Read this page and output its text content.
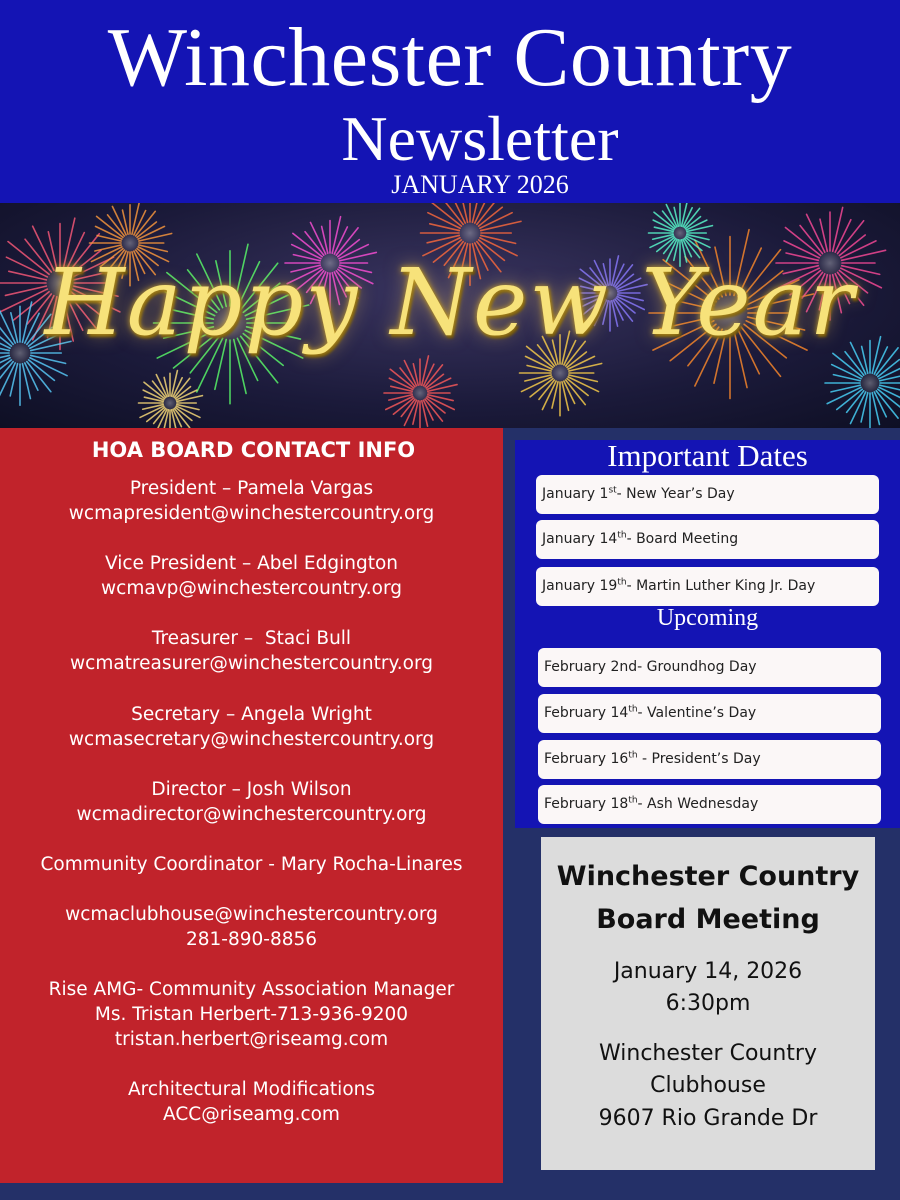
Winchester Country
Newsletter
JANUARY 2026
Happy New Year
HOA BOARD CONTACT INFO
President – Pamela Vargas
wcmapresident@winchestercountry.org
Vice President – Abel Edgington
wcmavp@winchestercountry.org
Treasurer –  Staci Bull
wcmatreasurer@winchestercountry.org
Secretary – Angela Wright
wcmasecretary@winchestercountry.org
Director – Josh Wilson
wcmadirector@winchestercountry.org
Community Coordinator - Mary Rocha-Linares
wcmaclubhouse@winchestercountry.org
281-890-8856
Rise AMG- Community Association Manager
Ms. Tristan Herbert-713-936-9200
tristan.herbert@riseamg.com
Architectural Modifications
ACC@riseamg.com
Important Dates
January 1st- New Year’s Day
January 14th- Board Meeting
January 19th- Martin Luther King Jr. Day
Upcoming
February 2nd- Groundhog Day
February 14th- Valentine’s Day
February 16th - President’s Day
February 18th- Ash Wednesday
Winchester Country Board Meeting
January 14, 2026
6:30pm
Winchester Country
Clubhouse
9607 Rio Grande Dr
